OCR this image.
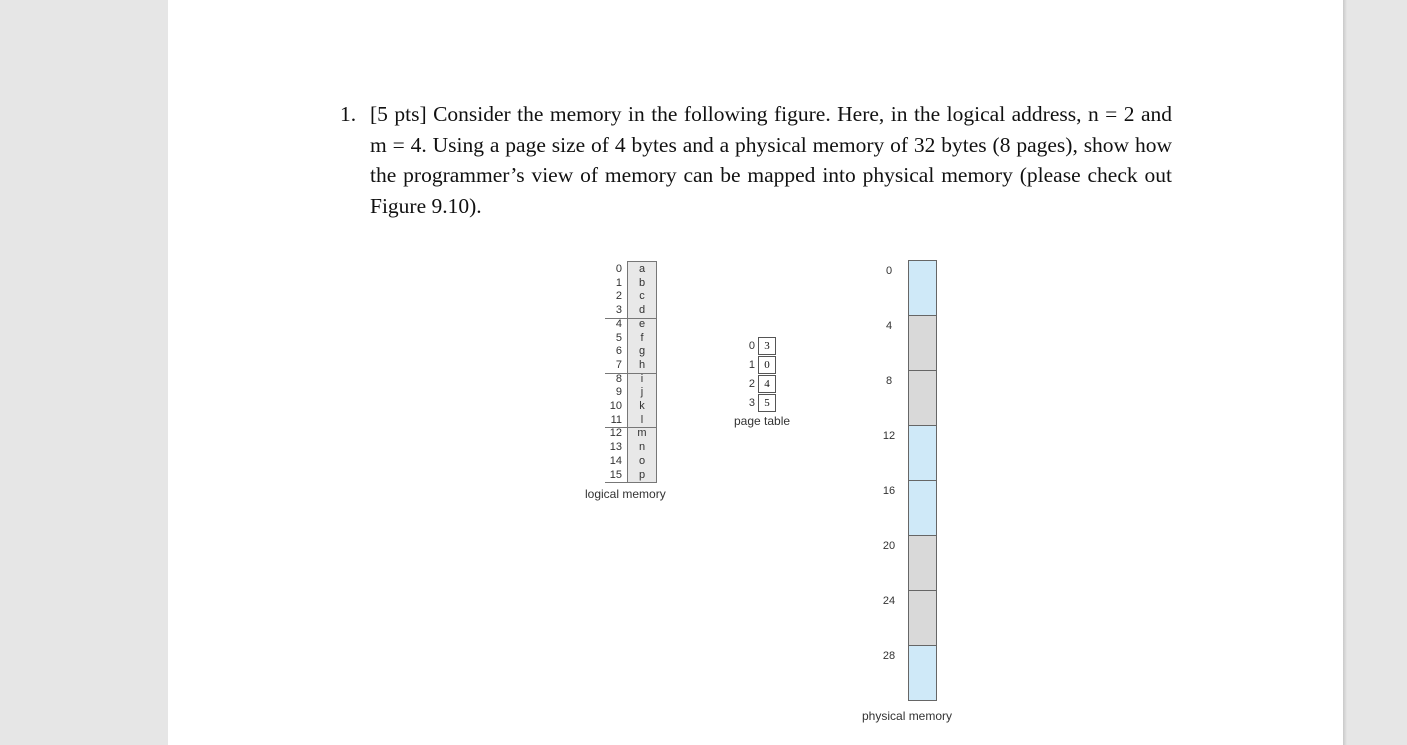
1. [5 pts] Consider the memory in the following figure. Here, in the logical address, n = 2 and m = 4. Using a page size of 4 bytes and a physical memory of 32 bytes (8 pages), show how the programmer’s view of memory can be mapped into physical memory (please check out Figure 9.10).
0	a
1	b
2	c
3	d
4	e
5	f
6	g
7	h
8	i
9	j
10	k
11	l
12	m
13	n
14	o
15	p
logical memory
0 3
1 0
2 4
3 5
page table
0
4
8
12
16
20
24
28
physical memory
